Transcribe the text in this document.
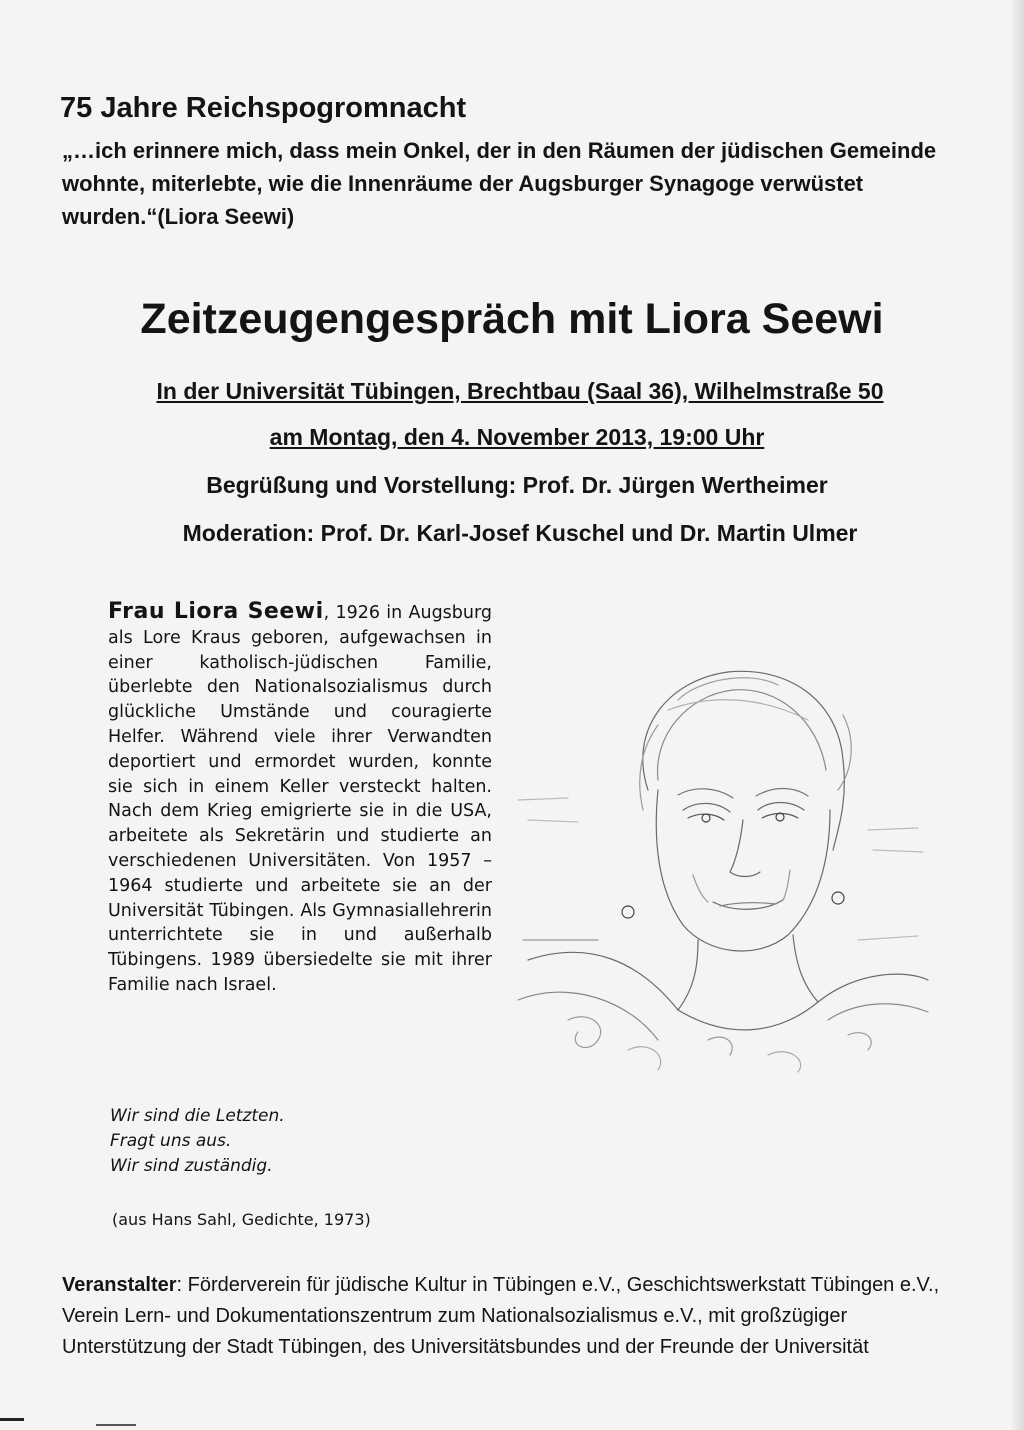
75 Jahre Reichspogromnacht

„…ich erinnere mich, dass mein Onkel, der in den Räumen der jüdischen Gemeinde wohnte, miterlebte, wie die Innenräume der Augsburger Synagoge verwüstet wurden.“(Liora Seewi)

Zeitzeugengespräch mit Liora Seewi
In der Universität Tübingen, Brechtbau (Saal 36), Wilhelmstraße 50
am Montag, den 4. November 2013, 19:00 Uhr
Begrüßung und Vorstellung: Prof. Dr. Jürgen Wertheimer
Moderation: Prof. Dr. Karl-Josef Kuschel und Dr. Martin Ulmer

Frau Liora Seewi, 1926 in Augsburg als Lore Kraus geboren, aufgewachsen in einer katholisch-jüdischen Familie, überlebte den Nationalsozialismus durch glückliche Umstände und couragierte Helfer. Während viele ihrer Verwandten deportiert und ermordet wurden, konnte sie sich in einem Keller versteckt halten. Nach dem Krieg emigrierte sie in die USA, arbeitete als Sekretärin und studierte an verschiedenen Universitäten. Von 1957 – 1964 studierte und arbeitete sie an der Universität Tübingen. Als Gymnasiallehrerin unterrichtete sie in und außerhalb Tübingens. 1989 übersiedelte sie mit ihrer Familie nach Israel.

Wir sind die Letzten.
Fragt uns aus.
Wir sind zuständig.
(aus Hans Sahl, Gedichte, 1973)

Veranstalter: Förderverein für jüdische Kultur in Tübingen e.V., Geschichtswerkstatt Tübingen e.V., Verein Lern- und Dokumentationszentrum zum Nationalsozialismus e.V., mit großzügiger Unterstützung der Stadt Tübingen, des Universitätsbundes und der Freunde der Universität
